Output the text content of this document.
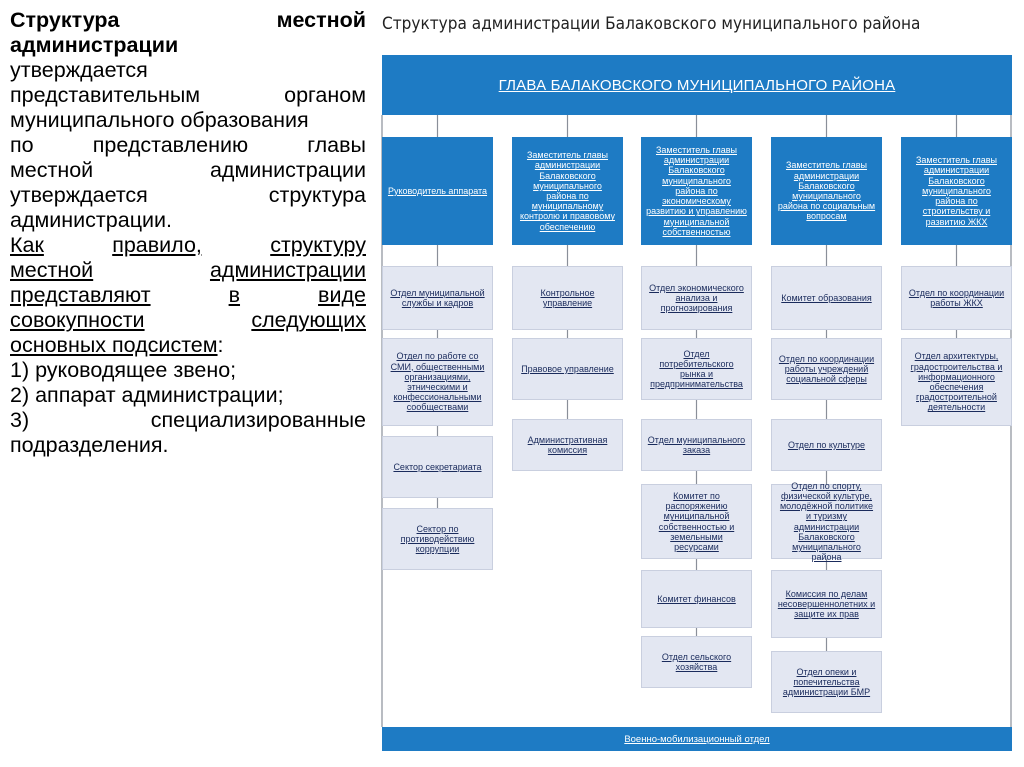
Структура	местной
администрации
утверждается
представительным	органом
муниципального образования
по	представлению	главы
местной	администрации
утверждается	структура
администрации.
Как	правило,	структуру
местной	администрации
представляют	в	виде
совокупности	следующих
основных подсистем:
1) руководящее звено;
2) аппарат администрации;
3)	специализированные
подразделения.
Структура администрации Балаковского муниципального района
ГЛАВА БАЛАКОВСКОГО МУНИЦИПАЛЬНОГО РАЙОНА
Военно-мобилизационный отдел
Руководитель аппарата
Отдел муниципальной службы и кадров
Отдел по работе со СМИ, общественными организациями, этническими и конфессиональными сообществами
Сектор секретариата
Сектор по противодействию коррупции
Заместитель главы администрации Балаковского муниципального района по муниципальному контролю и правовому обеспечению
Контрольное управление
Правовое управление
Административная комиссия
Заместитель главы администрации Балаковского муниципального района по экономическому развитию и управлению муниципальной собственностью
Отдел экономического анализа и прогнозирования
Отдел потребительского рынка и предпринимательства
Отдел муниципального заказа
Комитет по распоряжению муниципальной собственностью и земельными ресурсами
Комитет финансов
Отдел сельского хозяйства
Заместитель главы администрации Балаковского муниципального района по социальным вопросам
Комитет образования
Отдел по координации работы учреждений социальной сферы
Отдел по культуре
Отдел по спорту, физической культуре, молодёжной политике и туризму администрации Балаковского муниципального района
Комиссия по делам несовершеннолетних и защите их прав
Отдел опеки и попечительства администрации БМР
Заместитель главы администрации Балаковского муниципального района по строительству и развитию ЖКХ
Отдел по координации работы ЖКХ
Отдел архитектуры, градостроительства и информационного обеспечения градостроительной деятельности
